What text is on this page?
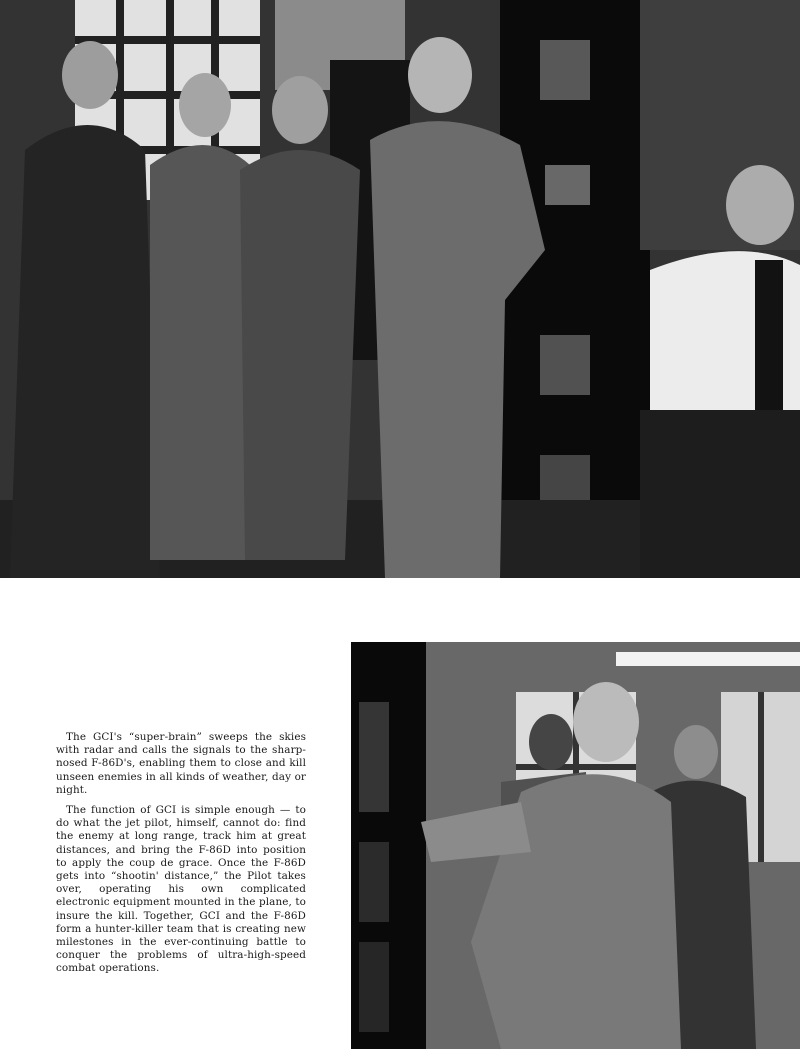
The GCI's “super-brain” sweeps the skies with radar and calls the signals to the sharp-nosed F-86D's, enabling them to close and kill unseen enemies in all kinds of weather, day or night.

The function of GCI is simple enough — to do what the jet pilot, himself, cannot do: find the enemy at long range, track him at great distances, and bring the F-86D into position to apply the coup de grace. Once the F-86D gets into “shootin' distance,” the Pilot takes over, operating his own complicated electronic equipment mounted in the plane, to insure the kill. Together, GCI and the F-86D form a hunter-killer team that is creating new milestones in the ever-continuing battle to conquer the problems of ultra-high-speed combat operations.
